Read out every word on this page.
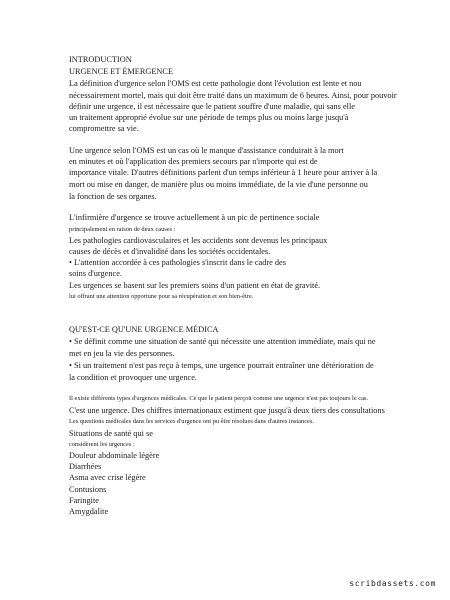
INTRODUCTION
URGENCE ET ÉMERGENCE
La définition d'urgence selon l'OMS est cette pathologie dont l'évolution est lente et nou
nécessairement mortel, mais qui doit être traité dans un maximum de 6 heures. Ainsi, pour pouvoir
définir une urgence, il est nécessaire que le patient souffre d'une maladie, qui sans elle
un traitement approprié évolue sur une période de temps plus ou moins large jusqu'à
compromettre sa vie.
Une urgence selon l'OMS est un cas où le manque d'assistance conduirait à la mort
en minutes et où l'application des premiers secours par n'importe qui est de
importance vitale. D'autres définitions parlent d'un temps inférieur à 1 heure pour arriver à la
mort ou mise en danger, de manière plus ou moins immédiate, de la vie d'une personne ou
la fonction de ses organes.
L'infirmière d'urgence se trouve actuellement à un pic de pertinence sociale
principalement en raison de deux causes :
Les pathologies cardiovasculaires et les accidents sont devenus les principaux
causes de décès et d'invalidité dans les sociétés occidentales.
• L'attention accordée à ces pathologies s'inscrit dans le cadre des
soins d'urgence.
Les urgences se basent sur les premiers soins d'un patient en état de gravité.
lui offrant une attention opportune pour sa récupération et son bien-être.
QU'EST-CE QU'UNE URGENCE MÉDICA
• Se définit comme une situation de santé qui nécessite une attention immédiate, mais qui ne
met en jeu la vie des personnes.
• Si un traitement n'est pas reçu à temps, une urgence pourrait entraîner une détérioration de
la condition et provoquer une urgence.
Il existe différents types d'urgences médicales. Ce que le patient perçoit comme une urgence n'est pas toujours le cas.
C'est une urgence. Des chiffres internationaux estiment que jusqu'à deux tiers des consultations
Les questions médicales dans les services d'urgence ont pu être résolues dans d'autres instances.
Situations de santé qui se
considèrent les urgences :
Douleur abdominale légère
Diarrhées
Asma avec crise légère
Contusions
Faringite
Amygdalite
scribdassets.com
